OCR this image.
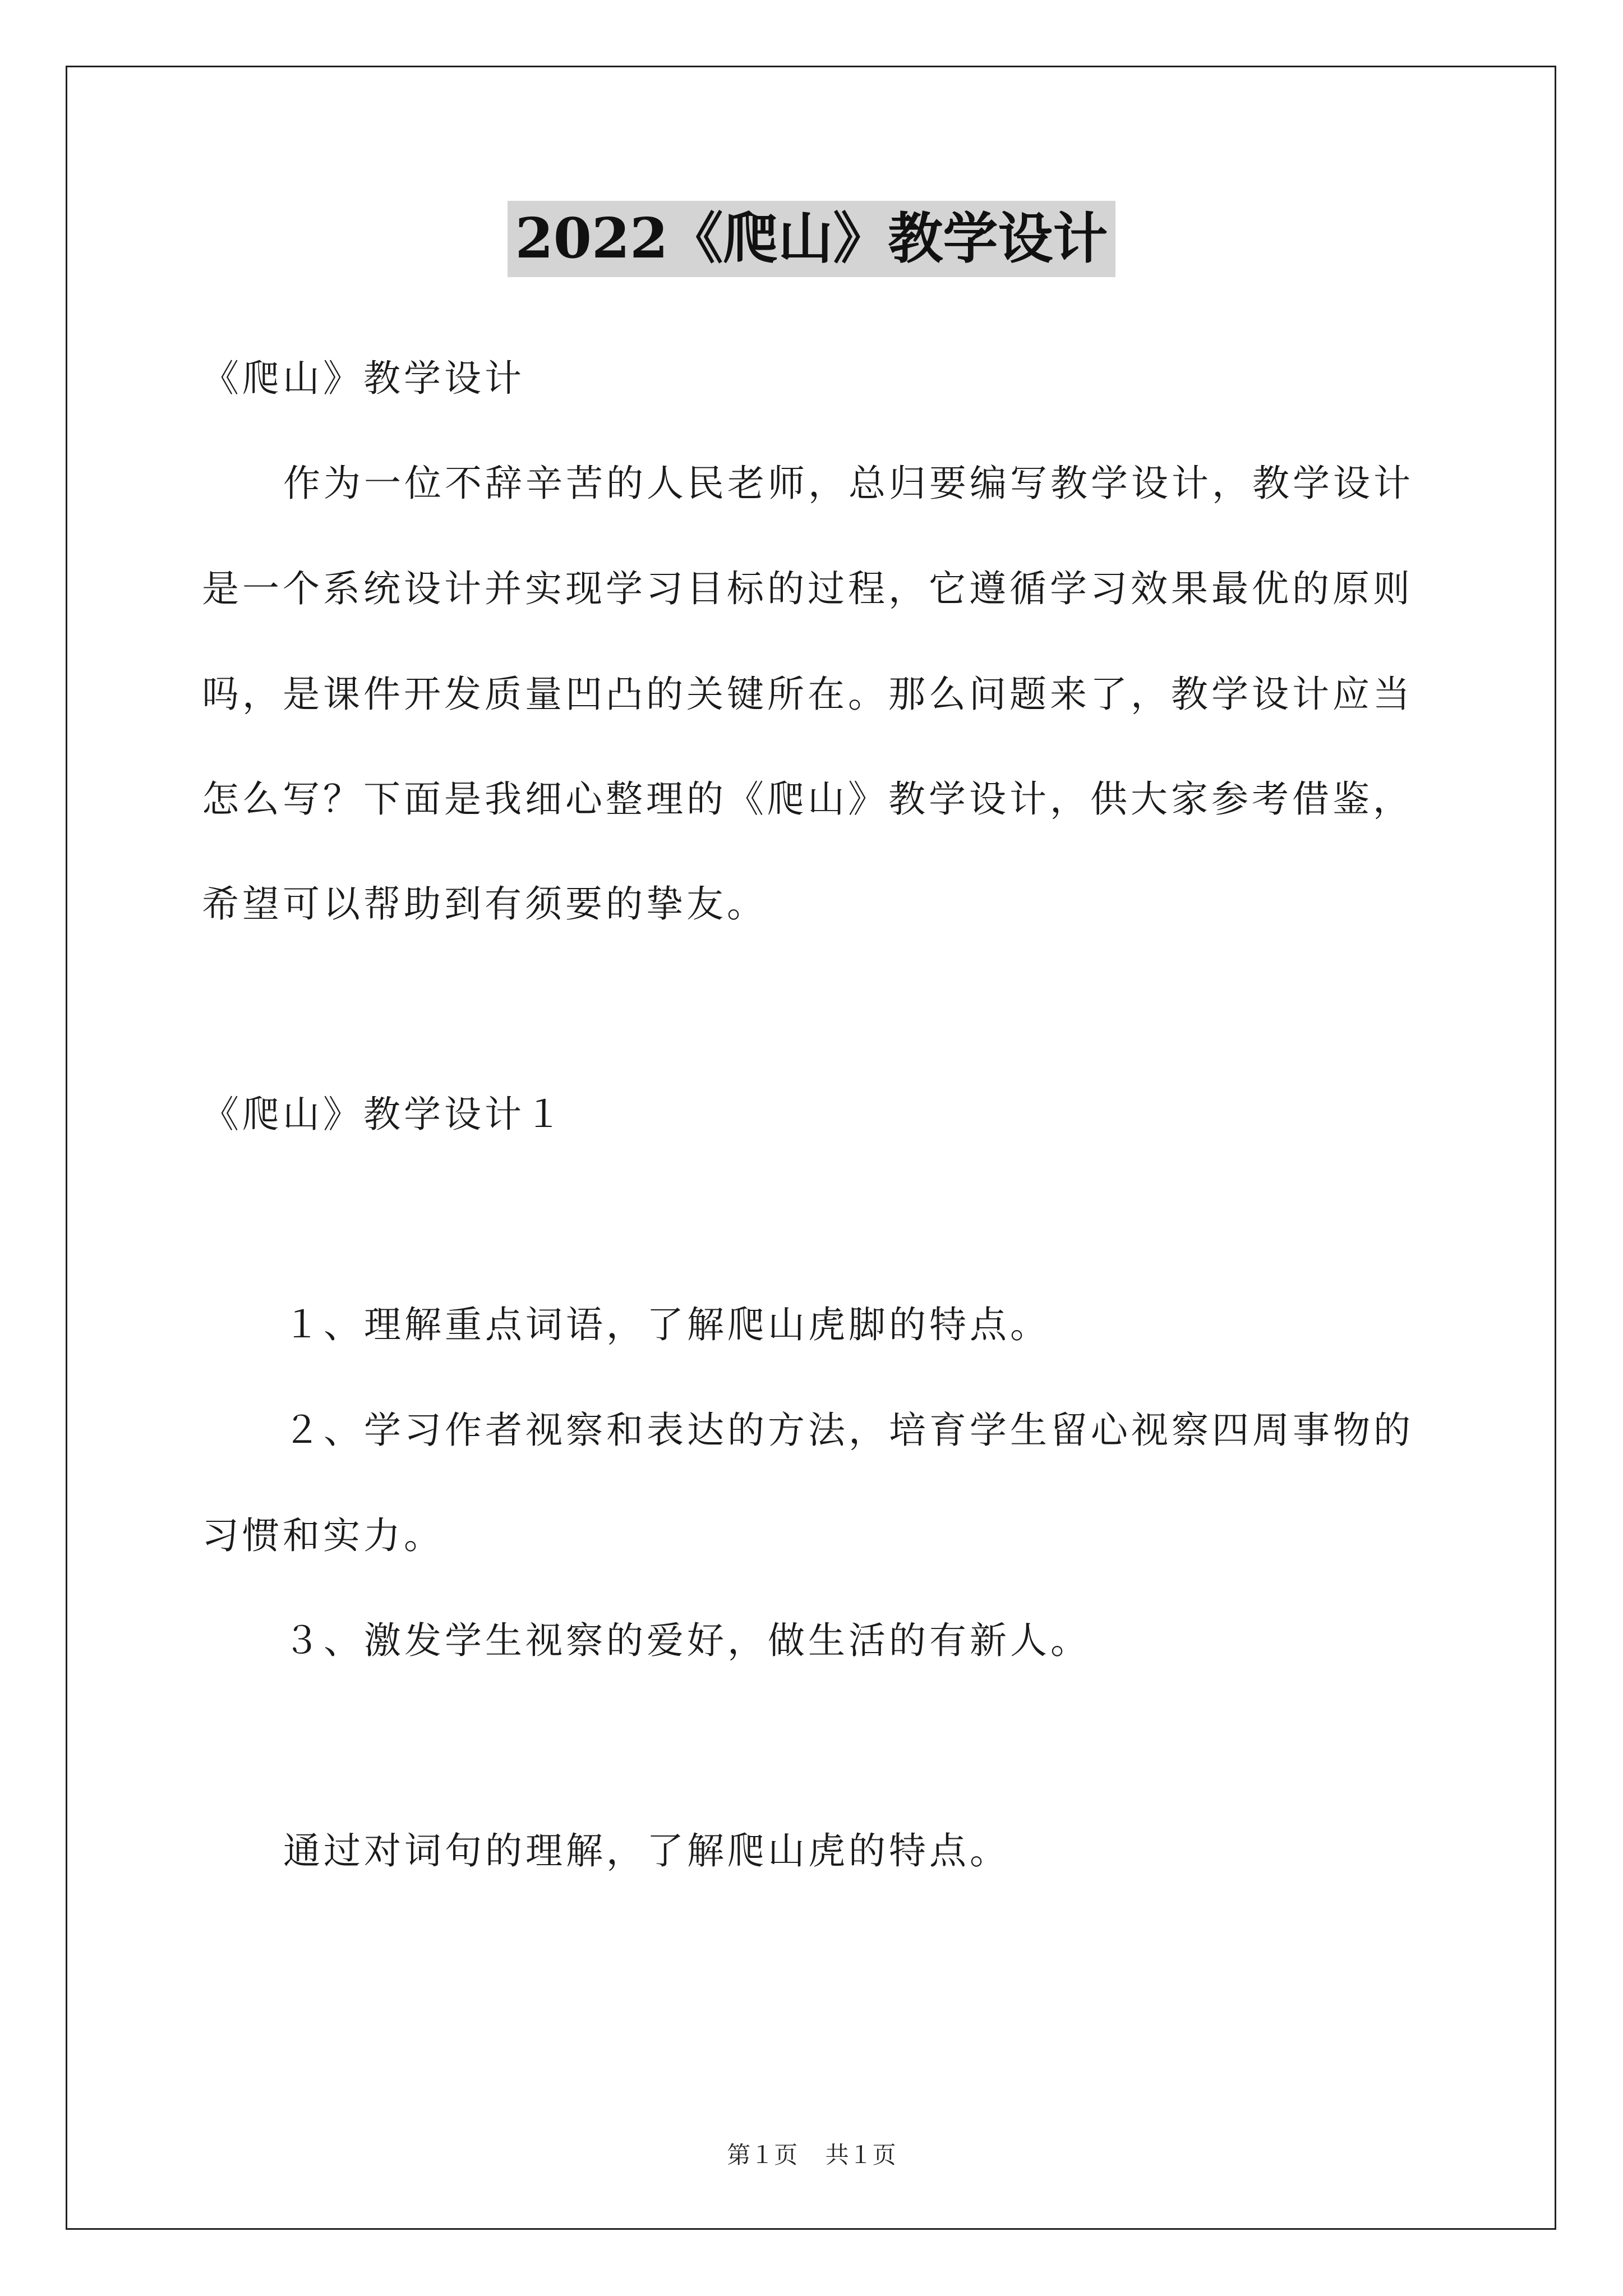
2022《爬山》教学设计
《爬山》教学设计
作为一位不辞辛苦的人民老师，总归要编写教学设计，教学设计
是一个系统设计并实现学习目标的过程，它遵循学习效果最优的原则
吗，是课件开发质量凹凸的关键所在。那么问题来了，教学设计应当
怎么写？下面是我细心整理的《爬山》教学设计，供大家参考借鉴，
希望可以帮助到有须要的挚友。
《爬山》教学设计１
１、理解重点词语，了解爬山虎脚的特点。
２、学习作者视察和表达的方法，培育学生留心视察四周事物的
习惯和实力。
３、激发学生视察的爱好，做生活的有新人。
通过对词句的理解，了解爬山虎的特点。
第１页 共１页
